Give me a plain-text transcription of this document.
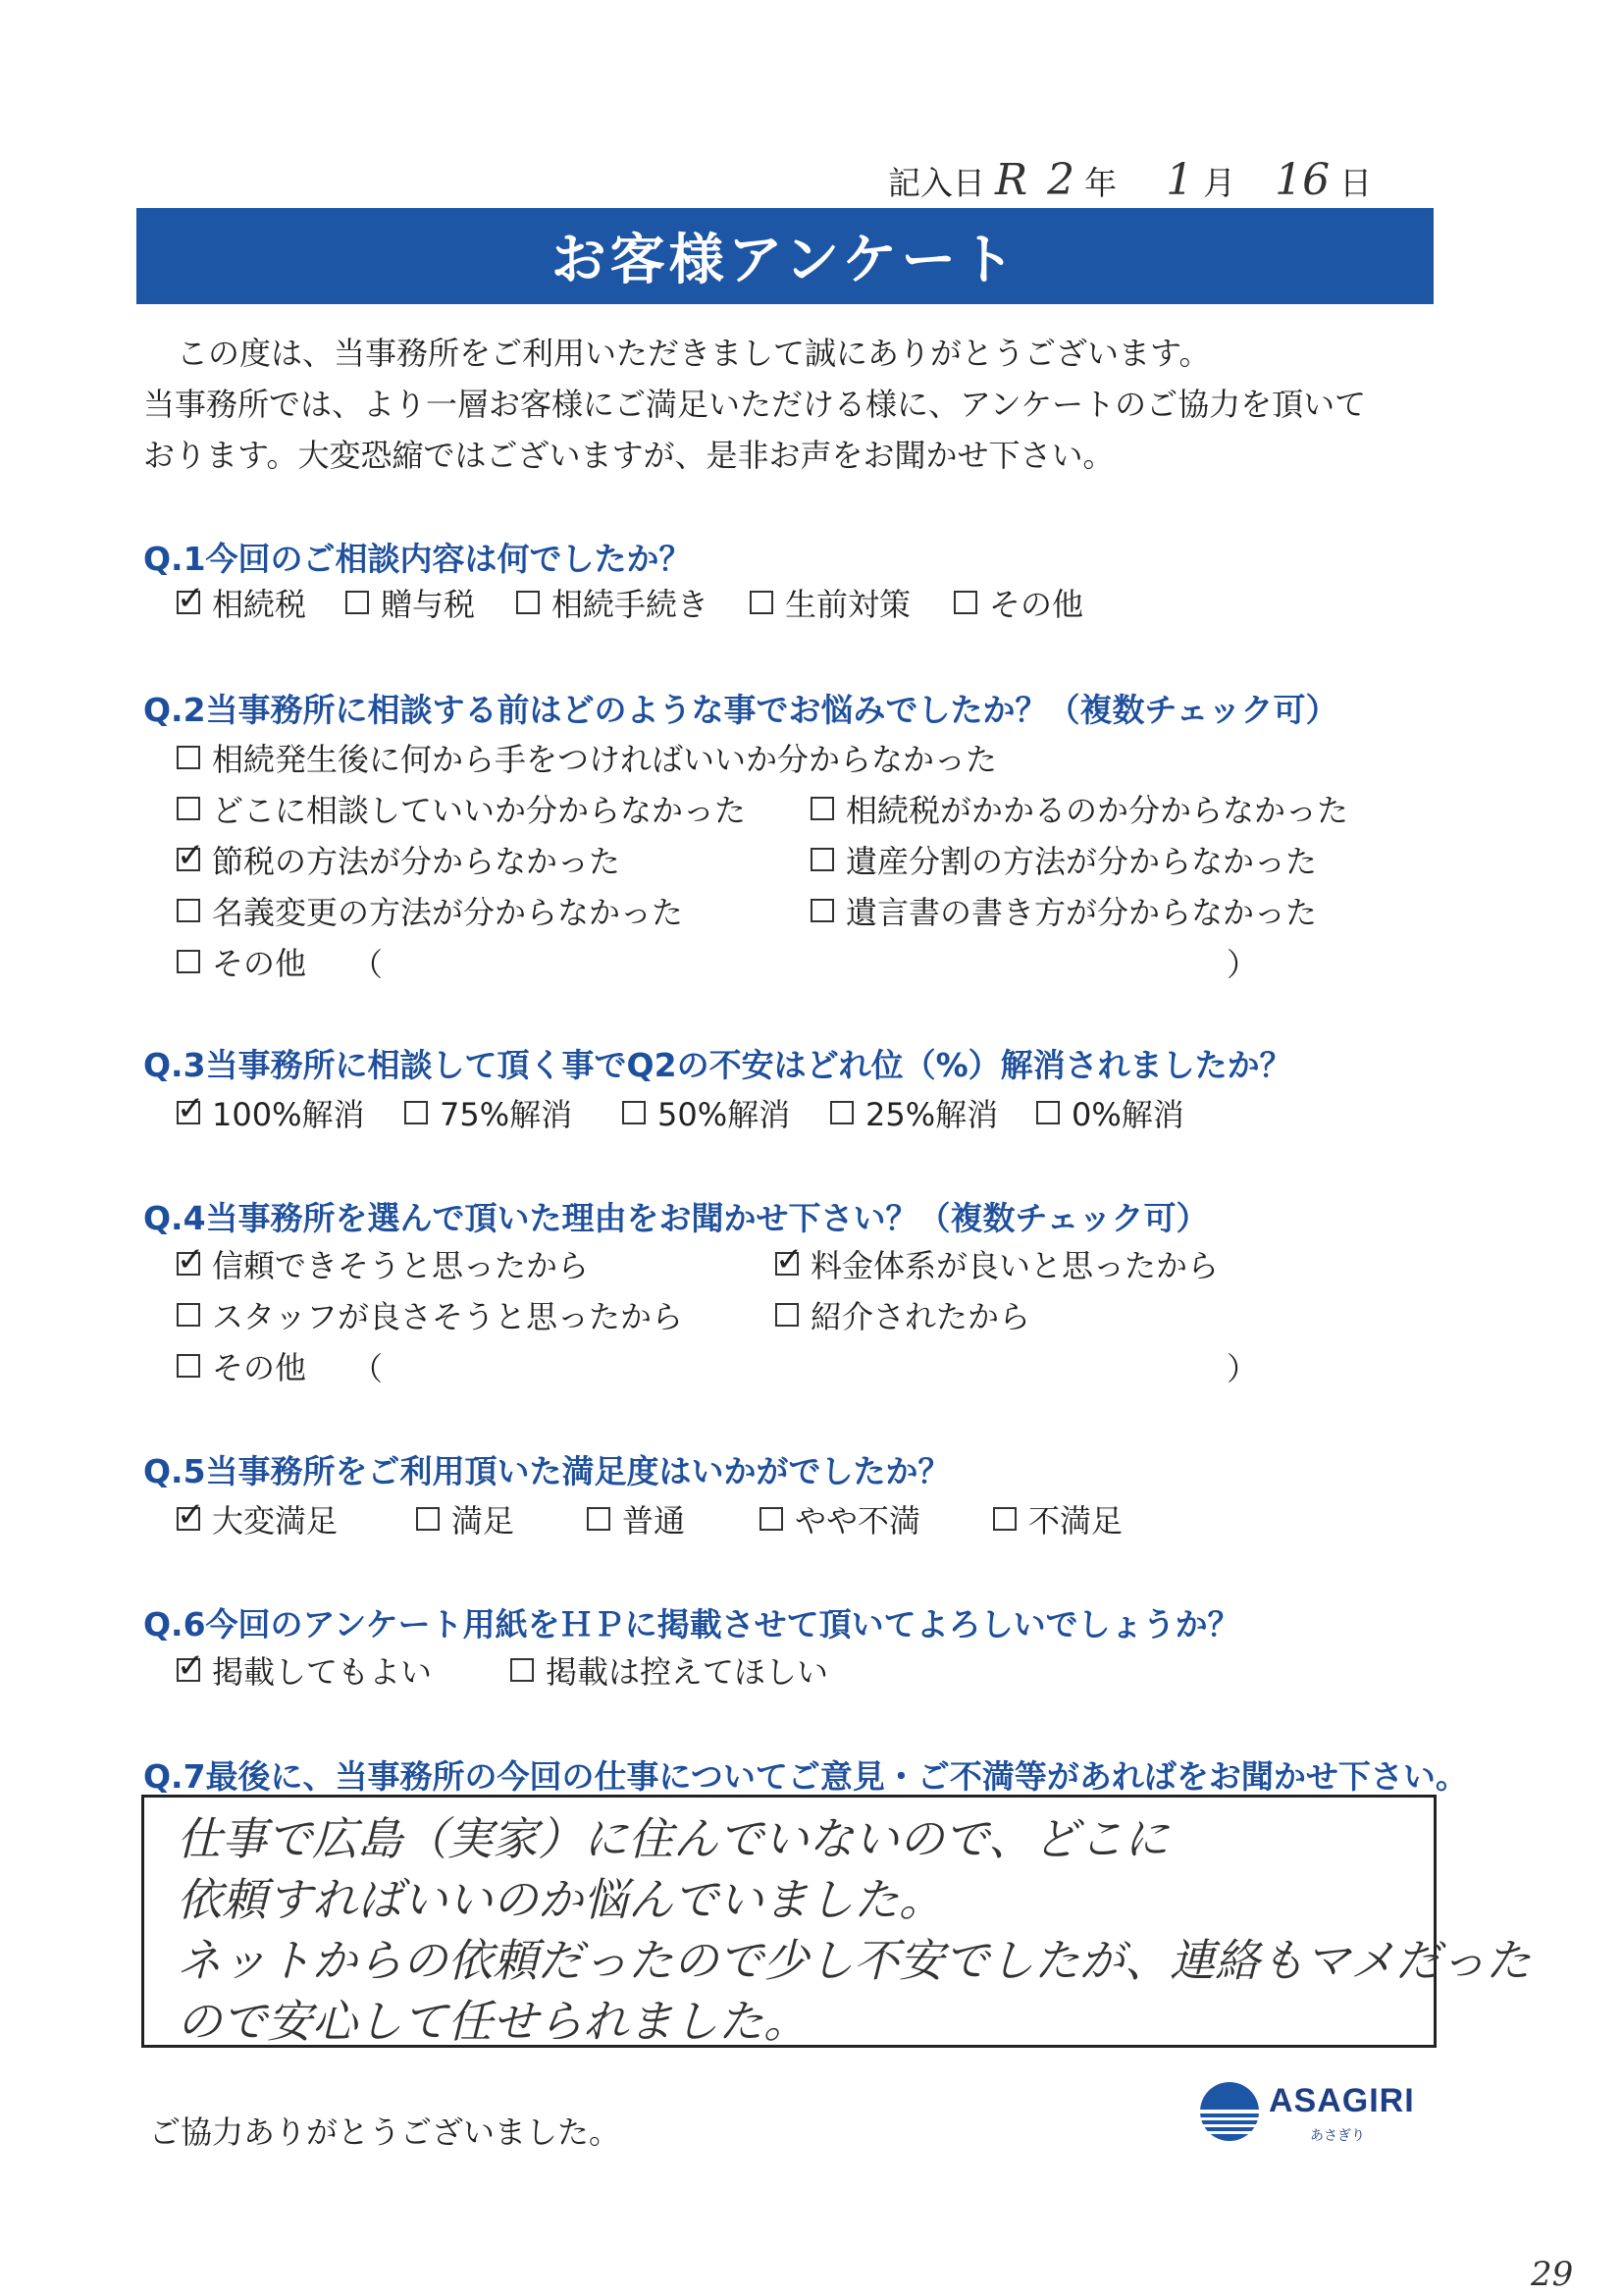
記入日 R 2 年 1 月 16 日
お客様アンケート
この度は、当事務所をご利用いただきまして誠にありがとうございます。
当事務所では、より一層お客様にご満足いただける様に、アンケートのご協力を頂いて
おります。大変恐縮ではございますが、是非お声をお聞かせ下さい。
Q.1今回のご相談内容は何でしたか？
✓
相続税 贈与税 相続手続き 生前対策 その他
Q.2当事務所に相談する前はどのような事でお悩みでしたか？（複数チェック可）
相続発生後に何から手をつければいいか分からなかった
どこに相談していいか分からなかった	相続税がかかるのか分からなかった
✓
節税の方法が分からなかった	遺産分割の方法が分からなかった
名義変更の方法が分からなかった	遺言書の書き方が分からなかった
その他 （	）
Q.3当事務所に相談して頂く事でQ2の不安はどれ位（%）解消されましたか？
✓
100%解消 75%解消	50%解消 25%解消 0%解消
Q.4当事務所を選んで頂いた理由をお聞かせ下さい？（複数チェック可）
✓
信頼できそうと思ったから
✓	料金体系が良いと思ったから
スタッフが良さそうと思ったから	紹介されたから
その他 （	）
Q.5当事務所をご利用頂いた満足度はいかがでしたか？
✓
大変満足	満足	普通	やや不満	不満足
Q.6今回のアンケート用紙をＨＰに掲載させて頂いてよろしいでしょうか？
✓
掲載してもよい	掲載は控えてほしい
Q.7最後に、当事務所の今回の仕事についてご意見・ご不満等があればをお聞かせ下さい。
仕事で広島（実家）に住んでいないので、どこに
依頼すればいいのか悩んでいました。
ネットからの依頼だったので少し不安でしたが、連絡もマメだった
ので安心して任せられました。
ご協力ありがとうございました。
ASAGIRI
あさぎり
29
